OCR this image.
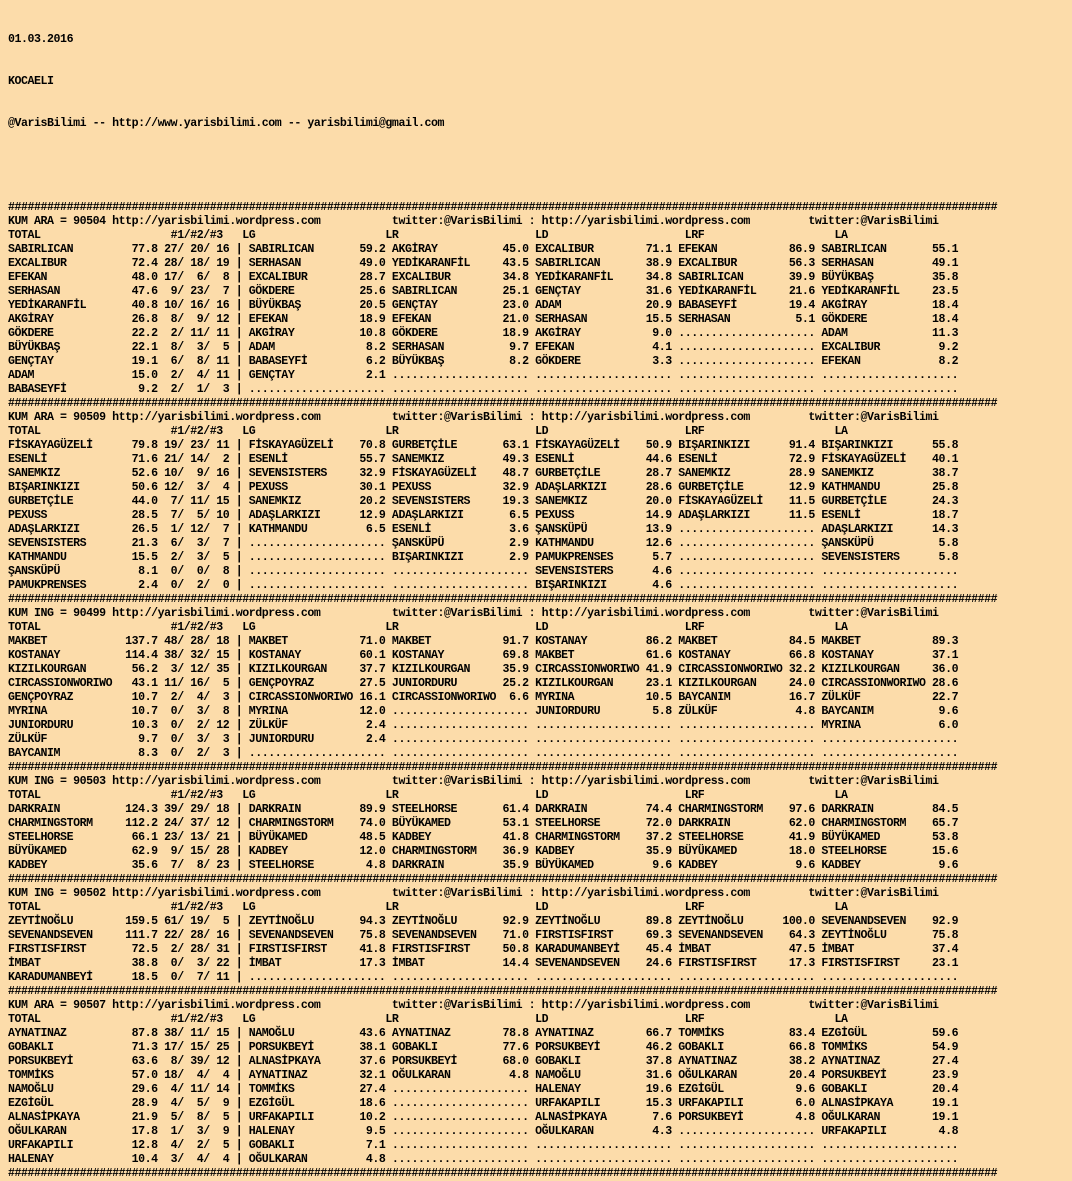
01.03.2016

KOCAELI

@VarisBilimi -- http://www.yarisbilimi.com -- yarisbilimi@gmail.com

########################################################################################################################################################
KUM ARA = 90504 http://yarisbilimi.wordpress.com           twitter:@VarisBilimi : http://yarisbilimi.wordpress.com         twitter:@VarisBilimi
TOTAL                    #1/#2/#3   LG                    LR                     LD                     LRF                    LA
SABIRLICAN         77.8 27/ 20/ 16 | SABIRLICAN       59.2 AKGİRAY          45.0 EXCALIBUR        71.1 EFEKAN           86.9 SABIRLICAN       55.1
EXCALIBUR          72.4 28/ 18/ 19 | SERHASAN         49.0 YEDİKARANFİL     43.5 SABIRLICAN       38.9 EXCALIBUR        56.3 SERHASAN         49.1
EFEKAN             48.0 17/  6/  8 | EXCALIBUR        28.7 EXCALIBUR        34.8 YEDİKARANFİL     34.8 SABIRLICAN       39.9 BÜYÜKBAŞ         35.8
SERHASAN           47.6  9/ 23/  7 | GÖKDERE          25.6 SABIRLICAN       25.1 GENÇTAY          31.6 YEDİKARANFİL     21.6 YEDİKARANFİL     23.5
YEDİKARANFİL       40.8 10/ 16/ 16 | BÜYÜKBAŞ         20.5 GENÇTAY          23.0 ADAM             20.9 BABASEYFİ        19.4 AKGİRAY          18.4
AKGİRAY            26.8  8/  9/ 12 | EFEKAN           18.9 EFEKAN           21.0 SERHASAN         15.5 SERHASAN          5.1 GÖKDERE          18.4
GÖKDERE            22.2  2/ 11/ 11 | AKGİRAY          10.8 GÖKDERE          18.9 AKGİRAY           9.0 ..................... ADAM             11.3
BÜYÜKBAŞ           22.1  8/  3/  5 | ADAM              8.2 SERHASAN          9.7 EFEKAN            4.1 ..................... EXCALIBUR         9.2
GENÇTAY            19.1  6/  8/ 11 | BABASEYFİ         6.2 BÜYÜKBAŞ          8.2 GÖKDERE           3.3 ..................... EFEKAN            8.2
ADAM               15.0  2/  4/ 11 | GENÇTAY           2.1 ..................... ..................... ..................... .....................
BABASEYFİ           9.2  2/  1/  3 | ..................... ..................... ..................... ..................... .....................
########################################################################################################################################################
KUM ARA = 90509 http://yarisbilimi.wordpress.com           twitter:@VarisBilimi : http://yarisbilimi.wordpress.com         twitter:@VarisBilimi
TOTAL                    #1/#2/#3   LG                    LR                     LD                     LRF                    LA
FİSKAYAGÜZELİ      79.8 19/ 23/ 11 | FİSKAYAGÜZELİ    70.8 GURBETÇİLE       63.1 FİSKAYAGÜZELİ    50.9 BIŞARINKIZI      91.4 BIŞARINKIZI      55.8
ESENLİ             71.6 21/ 14/  2 | ESENLİ           55.7 SANEMKIZ         49.3 ESENLİ           44.6 ESENLİ           72.9 FİSKAYAGÜZELİ    40.1
SANEMKIZ           52.6 10/  9/ 16 | SEVENSISTERS     32.9 FİSKAYAGÜZELİ    48.7 GURBETÇİLE       28.7 SANEMKIZ         28.9 SANEMKIZ         38.7
BIŞARINKIZI        50.6 12/  3/  4 | PEXUSS           30.1 PEXUSS           32.9 ADAŞLARKIZI      28.6 GURBETÇİLE       12.9 KATHMANDU        25.8
GURBETÇİLE         44.0  7/ 11/ 15 | SANEMKIZ         20.2 SEVENSISTERS     19.3 SANEMKIZ         20.0 FİSKAYAGÜZELİ    11.5 GURBETÇİLE       24.3
PEXUSS             28.5  7/  5/ 10 | ADAŞLARKIZI      12.9 ADAŞLARKIZI       6.5 PEXUSS           14.9 ADAŞLARKIZI      11.5 ESENLİ           18.7
ADAŞLARKIZI        26.5  1/ 12/  7 | KATHMANDU         6.5 ESENLİ            3.6 ŞANSKÜPÜ         13.9 ..................... ADAŞLARKIZI      14.3
SEVENSISTERS       21.3  6/  3/  7 | ..................... ŞANSKÜPÜ          2.9 KATHMANDU        12.6 ..................... ŞANSKÜPÜ          5.8
KATHMANDU          15.5  2/  3/  5 | ..................... BIŞARINKIZI       2.9 PAMUKPRENSES      5.7 ..................... SEVENSISTERS      5.8
ŞANSKÜPÜ            8.1  0/  0/  8 | ..................... ..................... SEVENSISTERS      4.6 ..................... .....................
PAMUKPRENSES        2.4  0/  2/  0 | ..................... ..................... BIŞARINKIZI       4.6 ..................... .....................
########################################################################################################################################################
KUM ING = 90499 http://yarisbilimi.wordpress.com           twitter:@VarisBilimi : http://yarisbilimi.wordpress.com         twitter:@VarisBilimi
TOTAL                    #1/#2/#3   LG                    LR                     LD                     LRF                    LA
MAKBET            137.7 48/ 28/ 18 | MAKBET           71.0 MAKBET           91.7 KOSTANAY         86.2 MAKBET           84.5 MAKBET           89.3
KOSTANAY          114.4 38/ 32/ 15 | KOSTANAY         60.1 KOSTANAY         69.8 MAKBET           61.6 KOSTANAY         66.8 KOSTANAY         37.1
KIZILKOURGAN       56.2  3/ 12/ 35 | KIZILKOURGAN     37.7 KIZILKOURGAN     35.9 CIRCASSIONWORIWO 41.9 CIRCASSIONWORIWO 32.2 KIZILKOURGAN     36.0
CIRCASSIONWORIWO   43.1 11/ 16/  5 | GENÇPOYRAZ       27.5 JUNIORDURU       25.2 KIZILKOURGAN     23.1 KIZILKOURGAN     24.0 CIRCASSIONWORIWO 28.6
GENÇPOYRAZ         10.7  2/  4/  3 | CIRCASSIONWORIWO 16.1 CIRCASSIONWORIWO  6.6 MYRINA           10.5 BAYCANIM         16.7 ZÜLKÜF           22.7
MYRINA             10.7  0/  3/  8 | MYRINA           12.0 ..................... JUNIORDURU        5.8 ZÜLKÜF            4.8 BAYCANIM          9.6
JUNIORDURU         10.3  0/  2/ 12 | ZÜLKÜF            2.4 ..................... ..................... ..................... MYRINA            6.0
ZÜLKÜF              9.7  0/  3/  3 | JUNIORDURU        2.4 ..................... ..................... ..................... .....................
BAYCANIM            8.3  0/  2/  3 | ..................... ..................... ..................... ..................... .....................
########################################################################################################################################################
KUM ING = 90503 http://yarisbilimi.wordpress.com           twitter:@VarisBilimi : http://yarisbilimi.wordpress.com         twitter:@VarisBilimi
TOTAL                    #1/#2/#3   LG                    LR                     LD                     LRF                    LA
DARKRAIN          124.3 39/ 29/ 18 | DARKRAIN         89.9 STEELHORSE       61.4 DARKRAIN         74.4 CHARMINGSTORM    97.6 DARKRAIN         84.5
CHARMINGSTORM     112.2 24/ 37/ 12 | CHARMINGSTORM    74.0 BÜYÜKAMED        53.1 STEELHORSE       72.0 DARKRAIN         62.0 CHARMINGSTORM    65.7
STEELHORSE         66.1 23/ 13/ 21 | BÜYÜKAMED        48.5 KADBEY           41.8 CHARMINGSTORM    37.2 STEELHORSE       41.9 BÜYÜKAMED        53.8
BÜYÜKAMED          62.9  9/ 15/ 28 | KADBEY           12.0 CHARMINGSTORM    36.9 KADBEY           35.9 BÜYÜKAMED        18.0 STEELHORSE       15.6
KADBEY             35.6  7/  8/ 23 | STEELHORSE        4.8 DARKRAIN         35.9 BÜYÜKAMED         9.6 KADBEY            9.6 KADBEY            9.6
########################################################################################################################################################
KUM ING = 90502 http://yarisbilimi.wordpress.com           twitter:@VarisBilimi : http://yarisbilimi.wordpress.com         twitter:@VarisBilimi
TOTAL                    #1/#2/#3   LG                    LR                     LD                     LRF                    LA
ZEYTİNOĞLU        159.5 61/ 19/  5 | ZEYTİNOĞLU       94.3 ZEYTİNOĞLU       92.9 ZEYTİNOĞLU       89.8 ZEYTİNOĞLU      100.0 SEVENANDSEVEN    92.9
SEVENANDSEVEN     111.7 22/ 28/ 16 | SEVENANDSEVEN    75.8 SEVENANDSEVEN    71.0 FIRSTISFIRST     69.3 SEVENANDSEVEN    64.3 ZEYTİNOĞLU       75.8
FIRSTISFIRST       72.5  2/ 28/ 31 | FIRSTISFIRST     41.8 FIRSTISFIRST     50.8 KARADUMANBEYİ    45.4 İMBAT            47.5 İMBAT            37.4
İMBAT              38.8  0/  3/ 22 | İMBAT            17.3 İMBAT            14.4 SEVENANDSEVEN    24.6 FIRSTISFIRST     17.3 FIRSTISFIRST     23.1
KARADUMANBEYİ      18.5  0/  7/ 11 | ..................... ..................... ..................... ..................... .....................
########################################################################################################################################################
KUM ARA = 90507 http://yarisbilimi.wordpress.com           twitter:@VarisBilimi : http://yarisbilimi.wordpress.com         twitter:@VarisBilimi
TOTAL                    #1/#2/#3   LG                    LR                     LD                     LRF                    LA
AYNATINAZ          87.8 38/ 11/ 15 | NAMOĞLU          43.6 AYNATINAZ        78.8 AYNATINAZ        66.7 TOMMİKS          83.4 EZGİGÜL          59.6
GOBAKLI            71.3 17/ 15/ 25 | PORSUKBEYİ       38.1 GOBAKLI          77.6 PORSUKBEYİ       46.2 GOBAKLI          66.8 TOMMİKS          54.9
PORSUKBEYİ         63.6  8/ 39/ 12 | ALNASİPKAYA      37.6 PORSUKBEYİ       68.0 GOBAKLI          37.8 AYNATINAZ        38.2 AYNATINAZ        27.4
TOMMİKS            57.0 18/  4/  4 | AYNATINAZ        32.1 OĞULKARAN         4.8 NAMOĞLU          31.6 OĞULKARAN        20.4 PORSUKBEYİ       23.9
NAMOĞLU            29.6  4/ 11/ 14 | TOMMİKS          27.4 ..................... HALENAY          19.6 EZGİGÜL           9.6 GOBAKLI          20.4
EZGİGÜL            28.9  4/  5/  9 | EZGİGÜL          18.6 ..................... URFAKAPILI       15.3 URFAKAPILI        6.0 ALNASİPKAYA      19.1
ALNASİPKAYA        21.9  5/  8/  5 | URFAKAPILI       10.2 ..................... ALNASİPKAYA       7.6 PORSUKBEYİ        4.8 OĞULKARAN        19.1
OĞULKARAN          17.8  1/  3/  9 | HALENAY           9.5 ..................... OĞULKARAN         4.3 ..................... URFAKAPILI        4.8
URFAKAPILI         12.8  4/  2/  5 | GOBAKLI           7.1 ..................... ..................... ..................... .....................
HALENAY            10.4  3/  4/  4 | OĞULKARAN         4.8 ..................... ..................... ..................... .....................
########################################################################################################################################################
